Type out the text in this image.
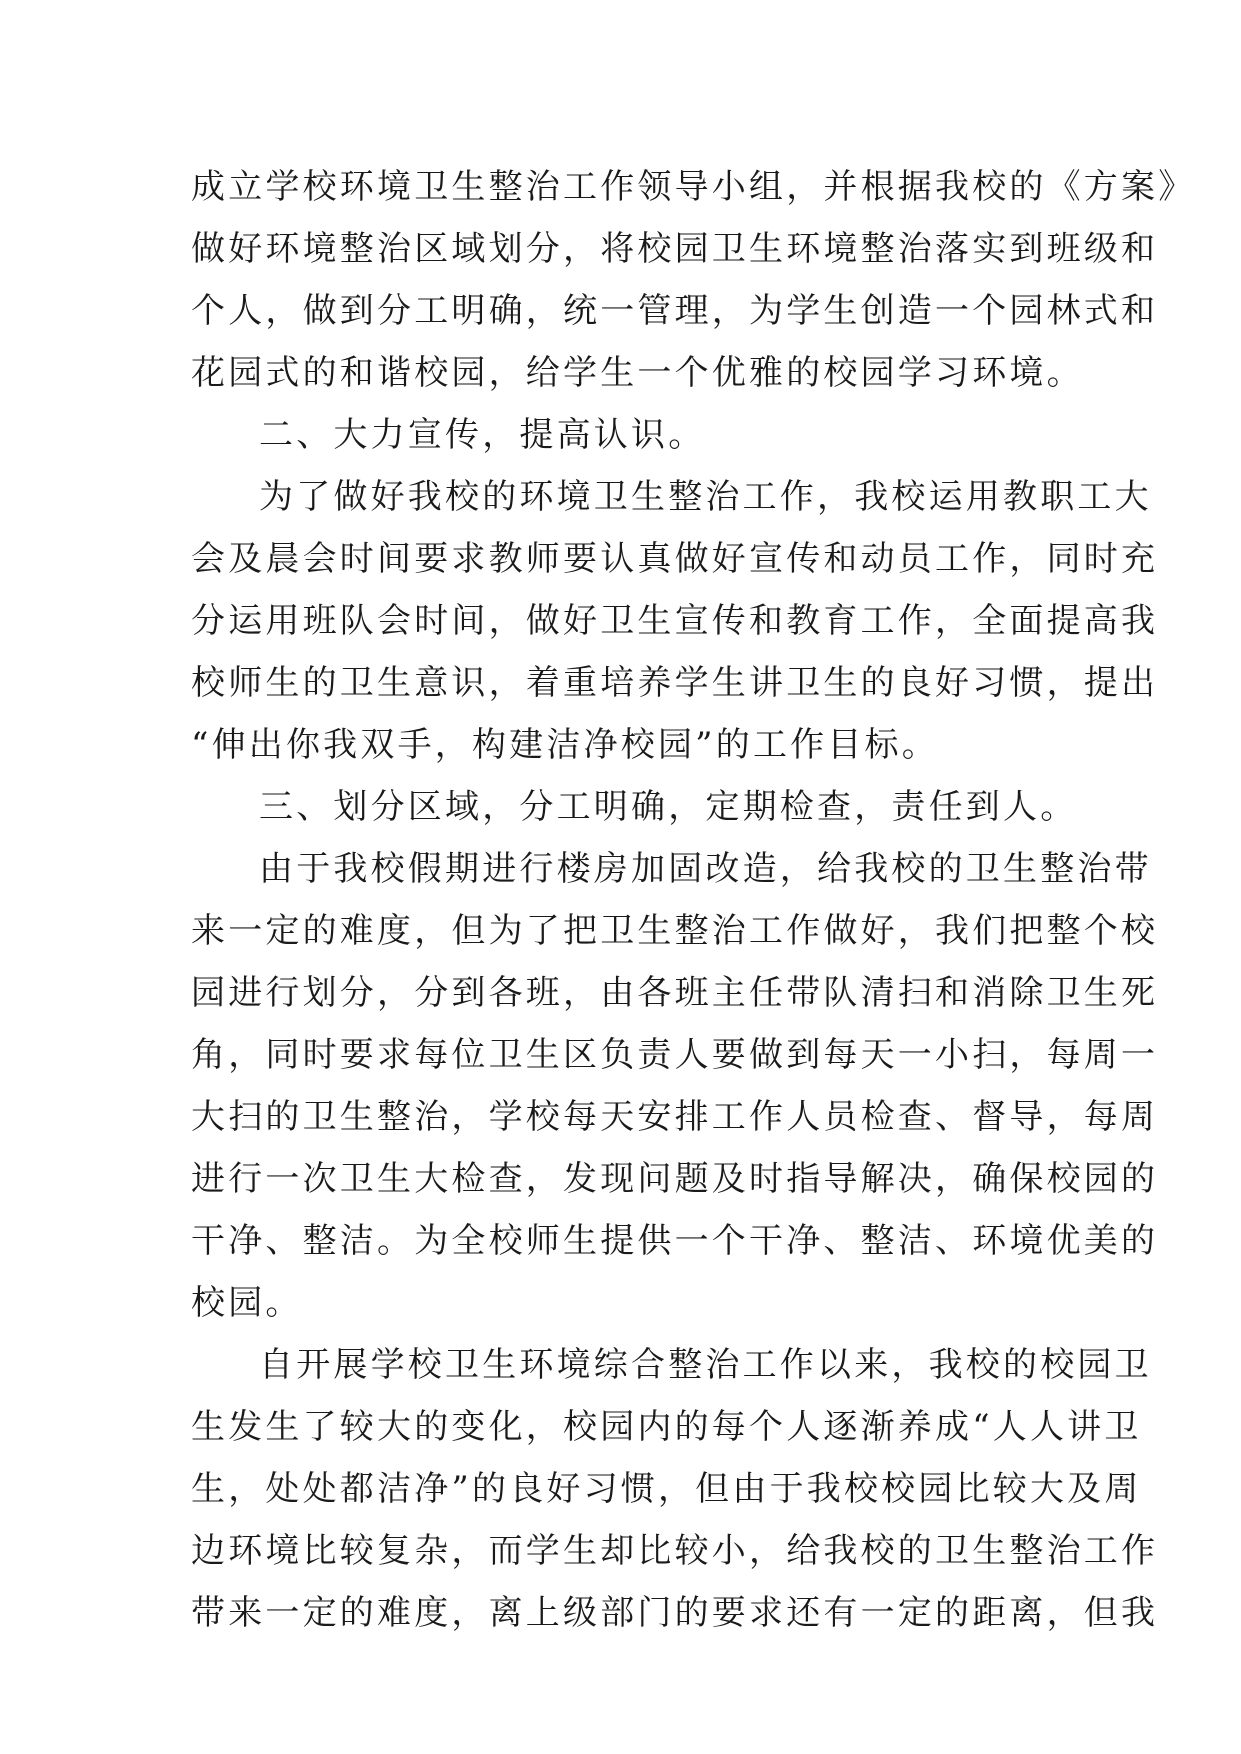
成立学校环境卫生整治工作领导小组，并根据我校的《方案》
做好环境整治区域划分，将校园卫生环境整治落实到班级和
个人，做到分工明确，统一管理，为学生创造一个园林式和
花园式的和谐校园，给学生一个优雅的校园学习环境。
二、大力宣传，提高认识。
为了做好我校的环境卫生整治工作，我校运用教职工大
会及晨会时间要求教师要认真做好宣传和动员工作，同时充
分运用班队会时间，做好卫生宣传和教育工作，全面提高我
校师生的卫生意识，着重培养学生讲卫生的良好习惯，提出
“伸出你我双手，构建洁净校园”的工作目标。
三、划分区域，分工明确，定期检查，责任到人。
由于我校假期进行楼房加固改造，给我校的卫生整治带
来一定的难度，但为了把卫生整治工作做好，我们把整个校
园进行划分，分到各班，由各班主任带队清扫和消除卫生死
角，同时要求每位卫生区负责人要做到每天一小扫，每周一
大扫的卫生整治，学校每天安排工作人员检查、督导，每周
进行一次卫生大检查，发现问题及时指导解决，确保校园的
干净、整洁。为全校师生提供一个干净、整洁、环境优美的
校园。
自开展学校卫生环境综合整治工作以来，我校的校园卫
生发生了较大的变化，校园内的每个人逐渐养成“人人讲卫
生，处处都洁净”的良好习惯，但由于我校校园比较大及周
边环境比较复杂，而学生却比较小，给我校的卫生整治工作
带来一定的难度，离上级部门的要求还有一定的距离，但我
